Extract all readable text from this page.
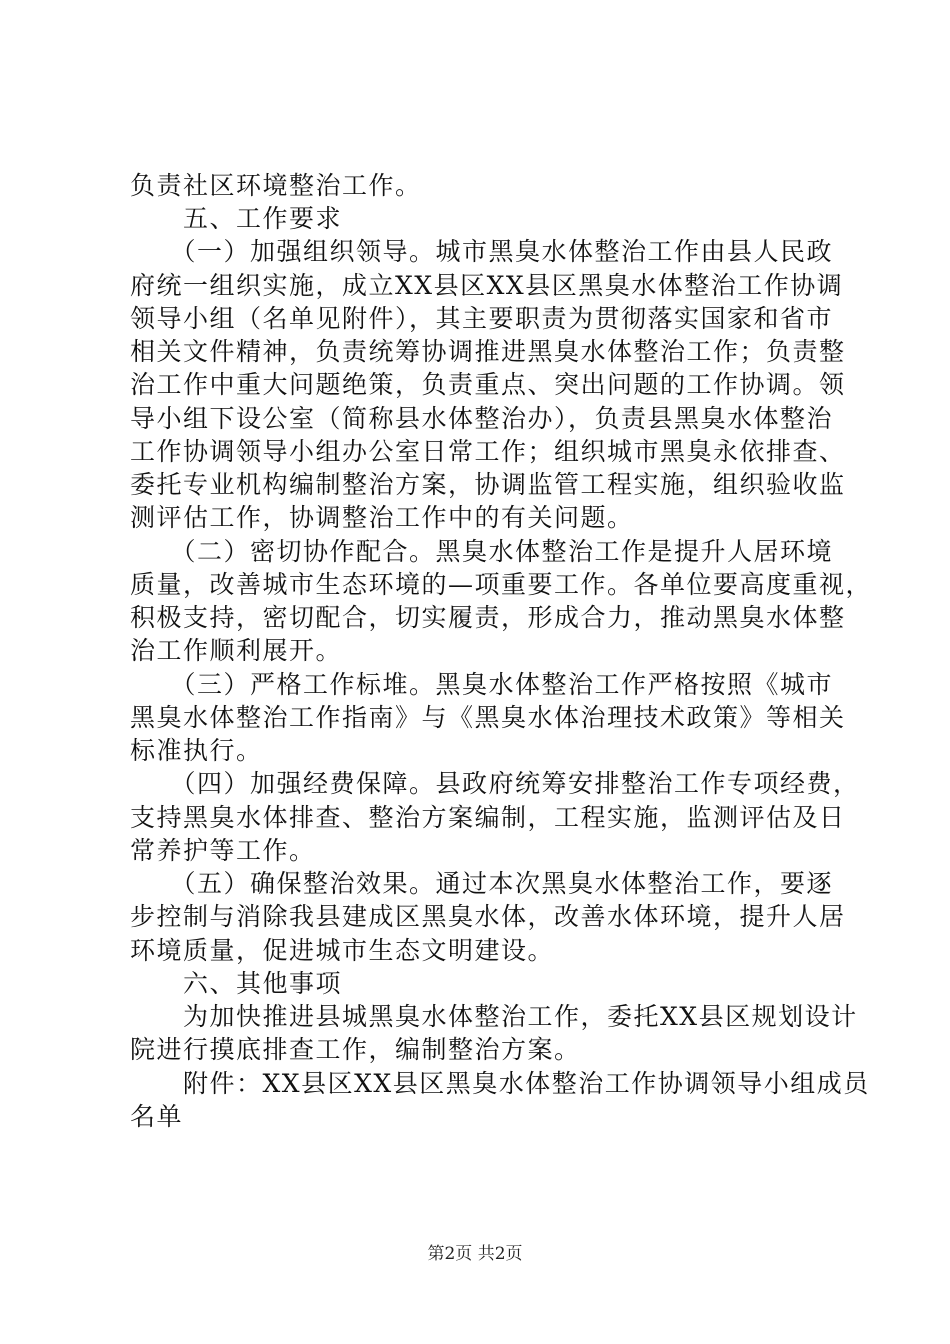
负责社区环境整治工作。
　　五、工作要求
　　（一）加强组织领导。城市黑臭水体整治工作由县人民政
府统一组织实施，成立XX县区XX县区黑臭水体整治工作协调
领导小组（名单见附件），其主要职责为贯彻落实国家和省市
相关文件精神，负责统筹协调推进黑臭水体整治工作；负责整
治工作中重大问题绝策，负责重点、突出问题的工作协调。领
导小组下设公室（简称县水体整治办），负责县黑臭水体整治
工作协调领导小组办公室日常工作；组织城市黑臭永依排查、
委托专业机构编制整治方案，协调监管工程实施，组织验收监
测评估工作，协调整治工作中的有关问题。
　　（二）密切协作配合。黑臭水体整治工作是提升人居环境
质量，改善城市生态环境的—项重要工作。各单位要高度重视，
积极支持，密切配合，切实履责，形成合力，推动黑臭水体整
治工作顺利展开。
　　（三）严格工作标堆。黑臭水体整治工作严格按照《城市
黑臭水体整治工作指南》与《黑臭水体治理技术政策》等相关
标准执行。
　　（四）加强经费保障。县政府统筹安排整治工作专项经费，
支持黑臭水体排查、整治方案编制，工程实施，监测评估及日
常养护等工作。
　　（五）确保整治效果。通过本次黑臭水体整治工作，要逐
步控制与消除我县建成区黑臭水体，改善水体环境，提升人居
环境质量，促进城市生态文明建设。
　　六、其他事项
　　为加快推进县城黑臭水体整治工作，委托XX县区规划设计
院进行摸底排查工作，编制整治方案。
　　附件：XX县区XX县区黑臭水体整治工作协调领导小组成员
名单
第2页 共2页
